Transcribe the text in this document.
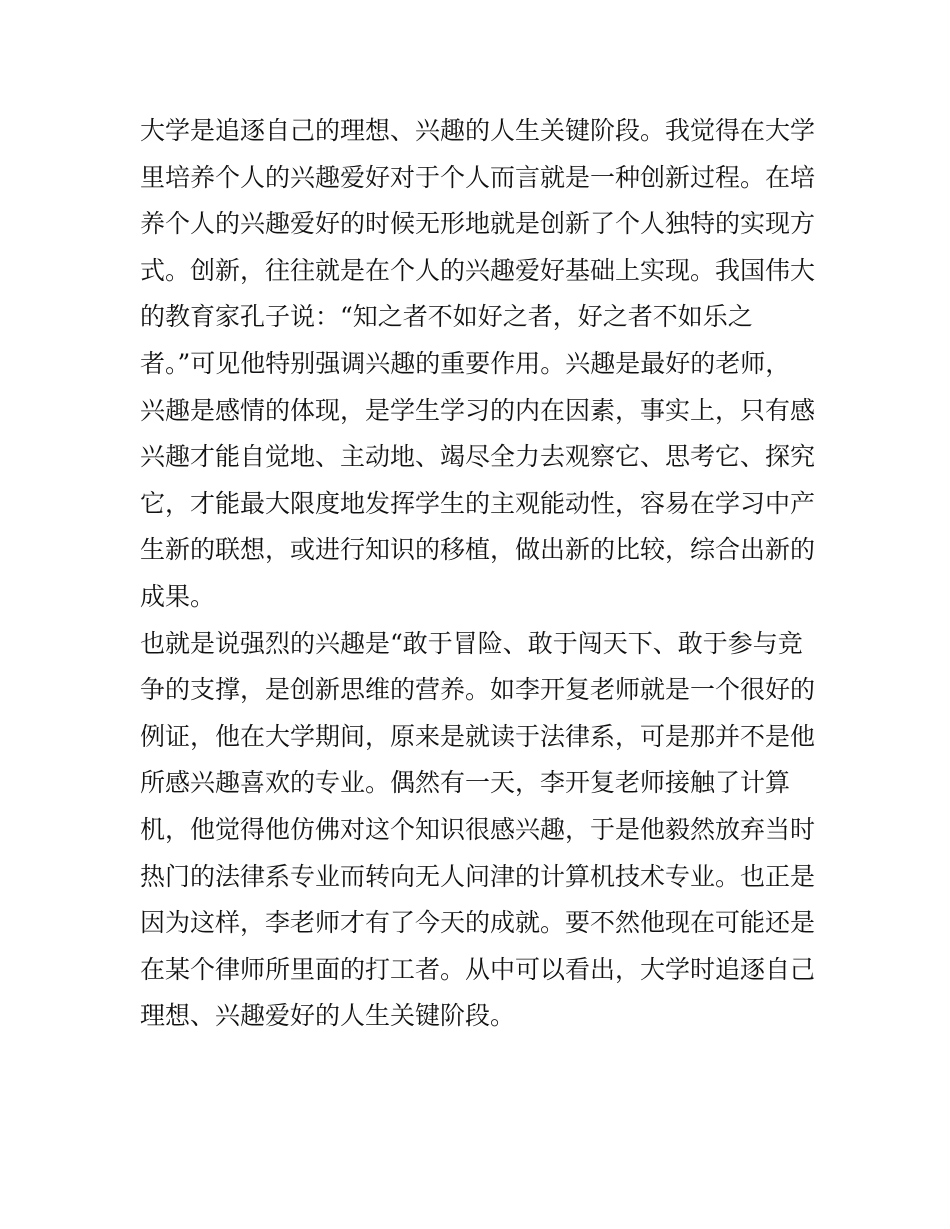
大学是追逐自己的理想、兴趣的人生关键阶段。我觉得在大学
里培养个人的兴趣爱好对于个人而言就是一种创新过程。在培
养个人的兴趣爱好的时候无形地就是创新了个人独特的实现方
式。创新，往往就是在个人的兴趣爱好基础上实现。我国伟大
的教育家孔子说：“知之者不如好之者，好之者不如乐之
者。”可见他特别强调兴趣的重要作用。兴趣是最好的老师，
兴趣是感情的体现，是学生学习的内在因素，事实上，只有感
兴趣才能自觉地、主动地、竭尽全力去观察它、思考它、探究
它，才能最大限度地发挥学生的主观能动性，容易在学习中产
生新的联想，或进行知识的移植，做出新的比较，综合出新的
成果。
也就是说强烈的兴趣是“敢于冒险、敢于闯天下、敢于参与竞
争的支撑，是创新思维的营养。如李开复老师就是一个很好的
例证，他在大学期间，原来是就读于法律系，可是那并不是他
所感兴趣喜欢的专业。偶然有一天，李开复老师接触了计算
机，他觉得他仿佛对这个知识很感兴趣，于是他毅然放弃当时
热门的法律系专业而转向无人问津的计算机技术专业。也正是
因为这样，李老师才有了今天的成就。要不然他现在可能还是
在某个律师所里面的打工者。从中可以看出，大学时追逐自己
理想、兴趣爱好的人生关键阶段。
